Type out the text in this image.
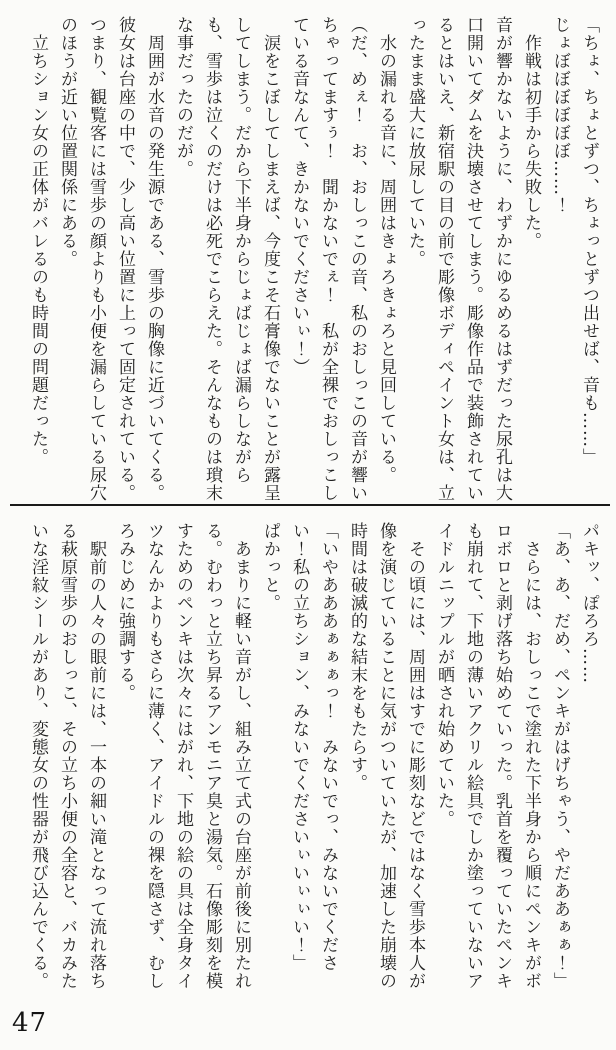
「ちょ、ちょとずつ、ちょっとずつ出せば、音も……」

じょぼぼぼぼぼぼ……！

作戦は初手から失敗した。

音が響かないように、わずかにゆるめるはずだった尿孔は大口開いてダムを決壊させてしまう。彫像作品で装飾されているとはいえ、新宿駅の目の前で彫像ボディペイント女は、立ったまま盛大に放尿していた。

水の漏れる音に、周囲はきょろきょろと見回している。

（だ、めぇ！　お、おしっこの音、私のおしっこの音が響いちゃってますぅ！　聞かないでぇ！　私が全裸でおしっこしている音なんて、きかないでくださいぃ！）

涙をこぼしてしまえば、今度こそ石膏像でないことが露呈してしまう。だから下半身からじょばじょば漏らしながらも、雪歩は泣くのだけは必死でこらえた。そんなものは瑣末な事だったのだが。

周囲が水音の発生源である、雪歩の胸像に近づいてくる。彼女は台座の中で、少し高い位置に上って固定されている。つまり、観覧客には雪歩の顔よりも小便を漏らしている尿穴のほうが近い位置関係にある。

立ちション女の正体がバレるのも時間の問題だった。

パキッ、ぽろろ……

「あ、あ、だめ、ペンキがはげちゃう、やだああぁぁ！」

さらには、おしっこで塗れた下半身から順にペンキがボロボロと剥げ落ち始めていった。乳首を覆っていたペンキも崩れて、下地の薄いアクリル絵具でしか塗っていないアイドルニップルが晒され始めていた。

その頃には、周囲はすでに彫刻などではなく雪歩本人が像を演じていることに気がついていたが、加速した崩壊の時間は破滅的な結末をもたらす。

「いやあああぁぁぁっ！　みないでっ、みないでください！私の立ちション、みないでくださいぃいぃぃい！」

ぱかっと。

あまりに軽い音がし、組み立て式の台座が前後に別たれる。むわっと立ち昇るアンモニア臭と湯気。石像彫刻を模すためのペンキは次々にはがれ、下地の絵の具は全身タイツなんかよりもさらに薄く、アイドルの裸を隠さず、むしろみじめに強調する。

駅前の人々の眼前には、一本の細い滝となって流れ落ちる萩原雪歩のおしっこ、その立ち小便の全容と、バカみたいな淫紋シールがあり、変態女の性器が飛び込んでくる。

47
